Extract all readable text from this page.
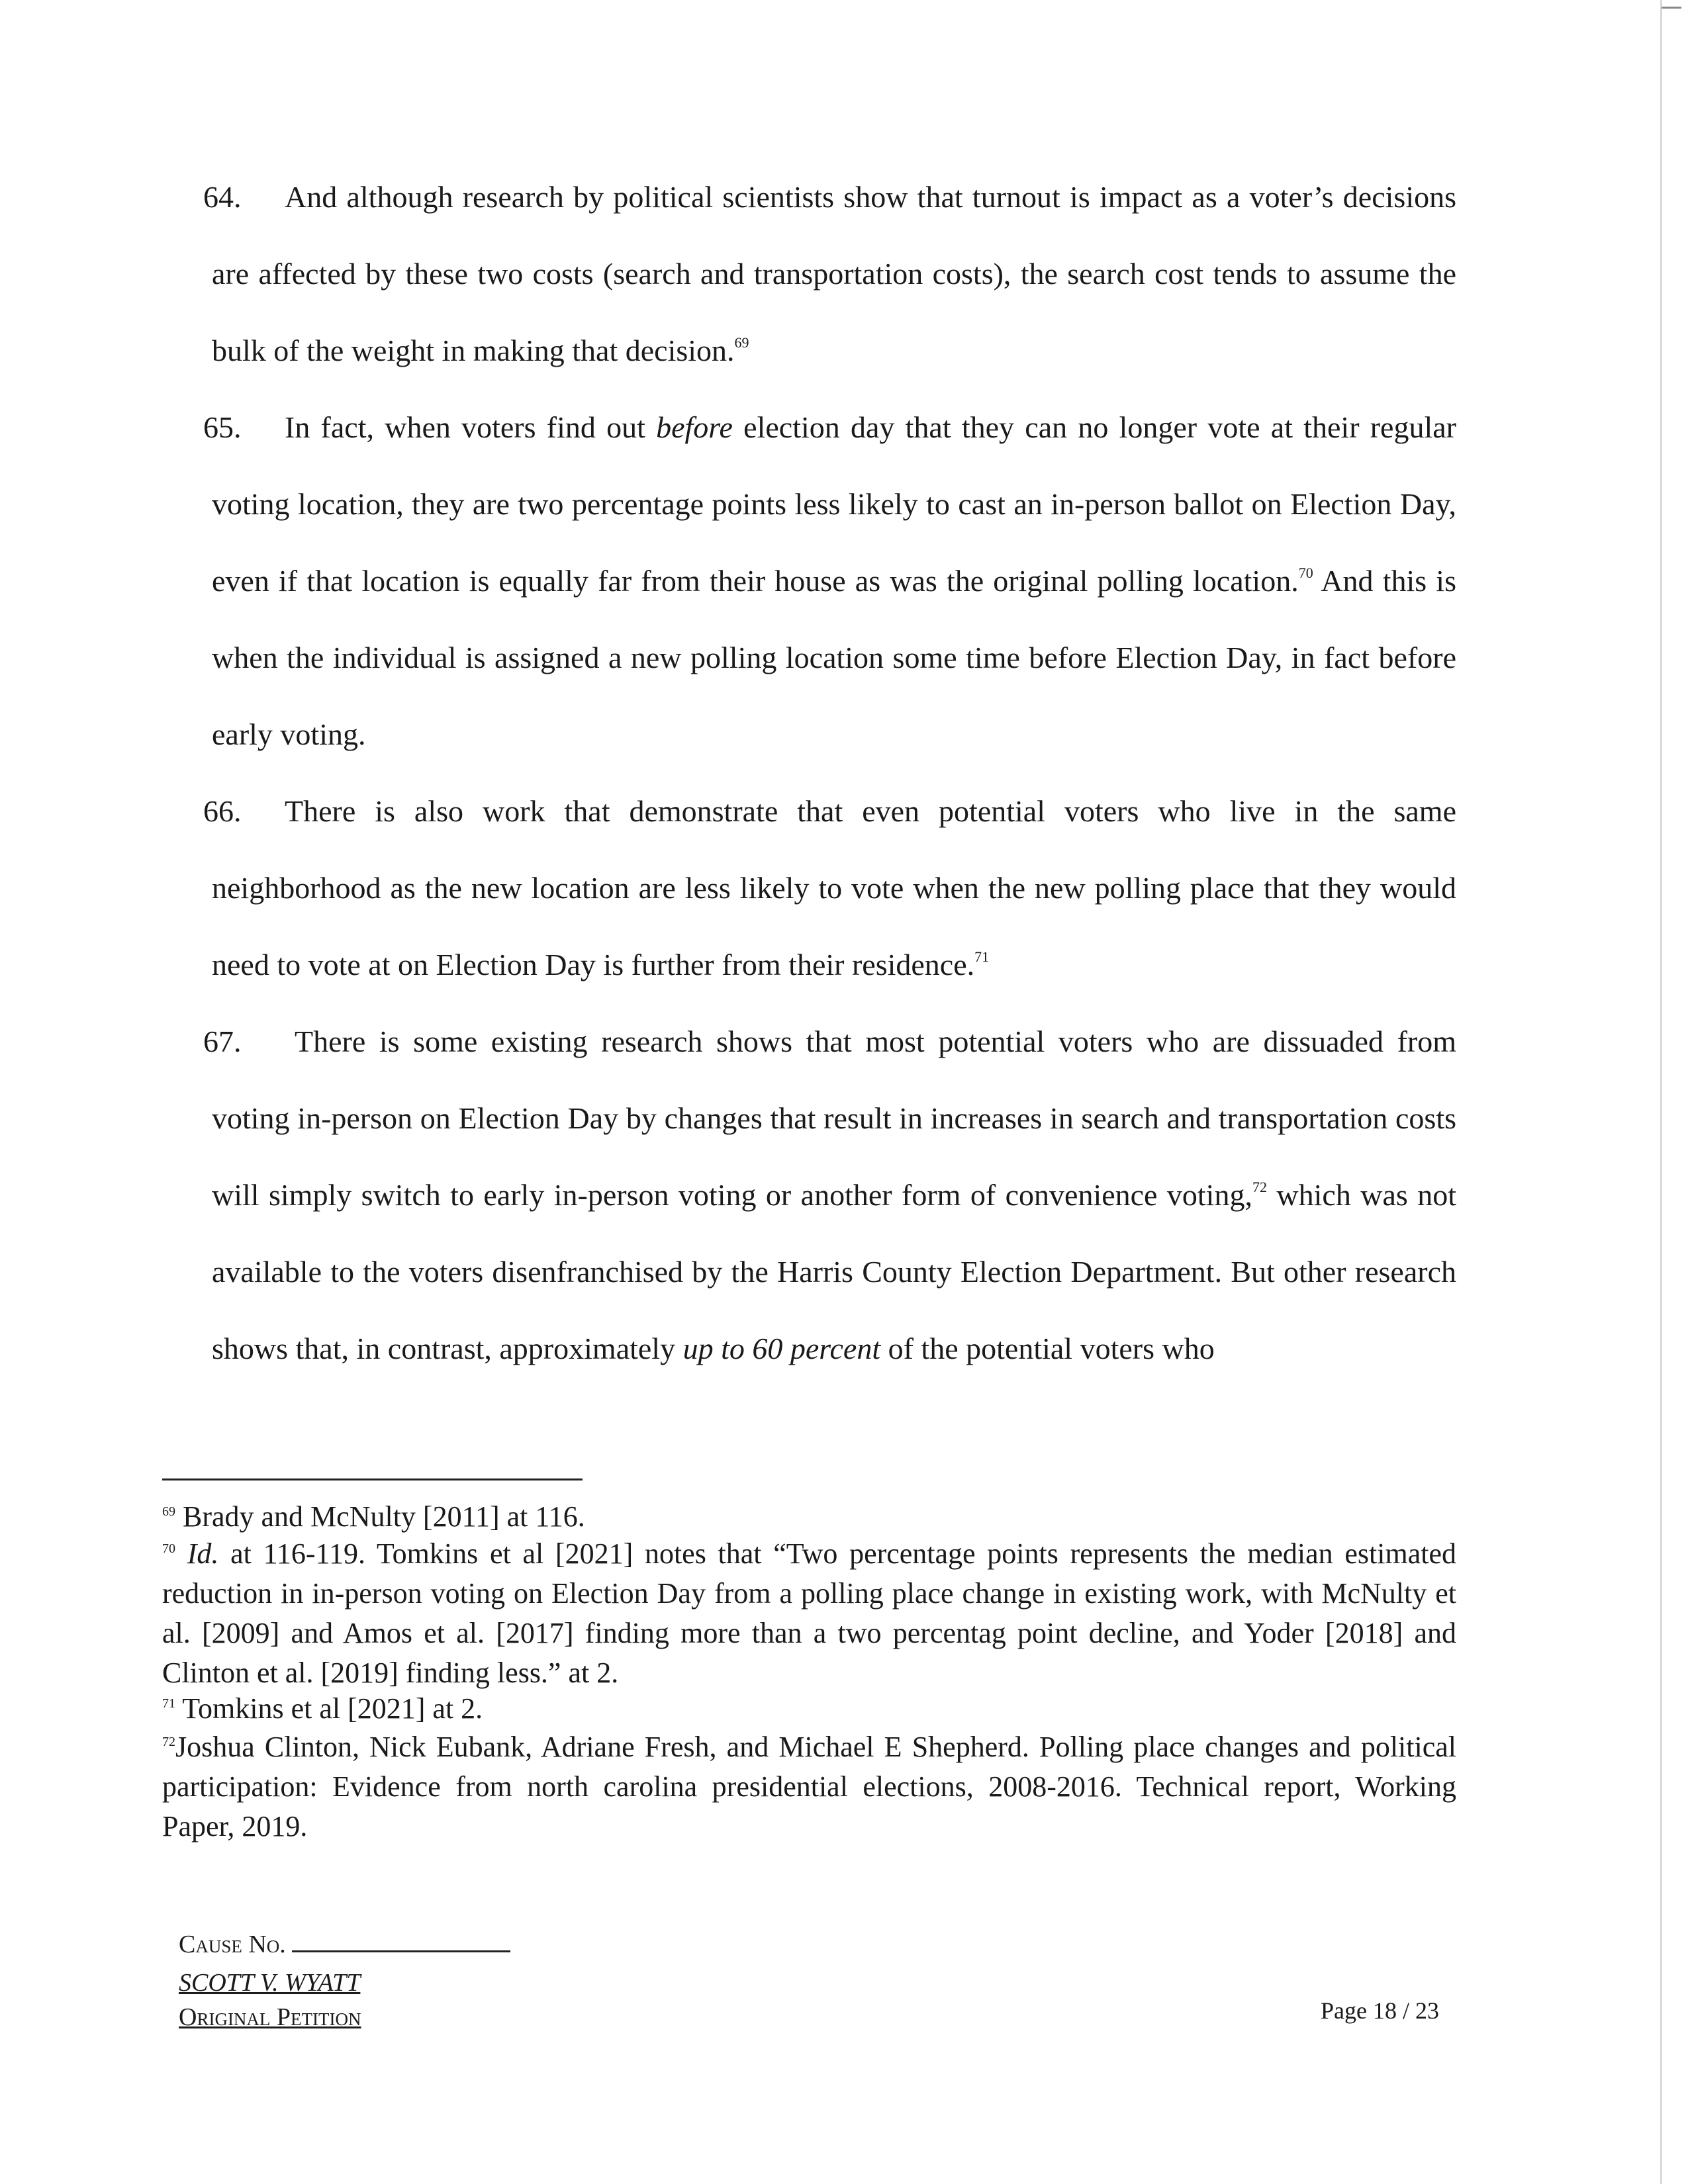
64. And although research by political scientists show that turnout is impact as a voter’s decisions are affected by these two costs (search and transportation costs), the search cost tends to assume the bulk of the weight in making that decision.$^{69}$
65. In fact, when voters find out before election day that they can no longer vote at their regular voting location, they are two percentage points less likely to cast an in-person ballot on Election Day, even if that location is equally far from their house as was the original polling location.$^{70}$ And this is when the individual is assigned a new polling location some time before Election Day, in fact before early voting.
66. There is also work that demonstrate that even potential voters who live in the same neighborhood as the new location are less likely to vote when the new polling place that they would need to vote at on Election Day is further from their residence.$^{71}$
67. There is some existing research shows that most potential voters who are dissuaded from voting in-person on Election Day by changes that result in increases in search and transportation costs will simply switch to early in-person voting or another form of convenience voting,$^{72}$ which was not available to the voters disenfranchised by the Harris County Election Department. But other research shows that, in contrast, approximately up to 60 percent of the potential voters who
$^{69}$ Brady and McNulty [2011] at 116.
$^{70}$ Id. at 116-119. Tomkins et al [2021] notes that “Two percentage points represents the median estimated reduction in in-person voting on Election Day from a polling place change in existing work, with McNulty et al. [2009] and Amos et al. [2017] finding more than a two percentag point decline, and Yoder [2018] and Clinton et al. [2019] finding less.” at 2.
$^{71}$ Tomkins et al [2021] at 2.
$^{72}$Joshua Clinton, Nick Eubank, Adriane Fresh, and Michael E Shepherd. Polling place changes and political participation: Evidence from north carolina presidential elections, 2008-2016. Technical report, Working Paper, 2019.
Cause No.
SCOTT V. WYATT
Original Petition	Page 18 / 23
